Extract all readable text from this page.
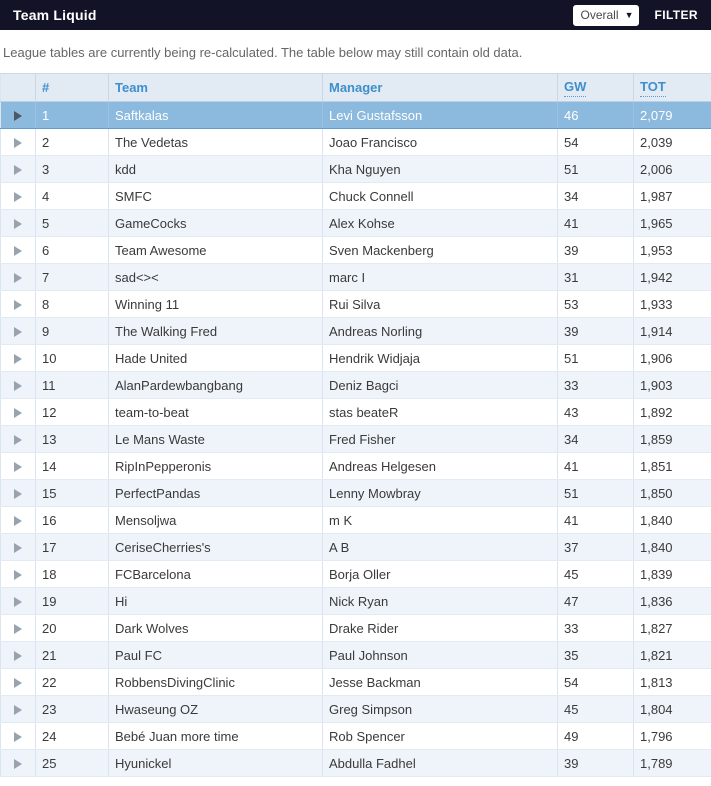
Team Liquid	Overall ▼ FILTER
League tables are currently being re-calculated. The table below may still contain old data.
	#	Team	Manager	GW	TOT
	1	Saftkalas	Levi Gustafsson	46	2,079
	2	The Vedetas	Joao Francisco	54	2,039
	3	kdd	Kha Nguyen	51	2,006
	4	SMFC	Chuck Connell	34	1,987
	5	GameCocks	Alex Kohse	41	1,965
	6	Team Awesome	Sven Mackenberg	39	1,953
	7	sad<><	marc I	31	1,942
	8	Winning 11	Rui Silva	53	1,933
	9	The Walking Fred	Andreas Norling	39	1,914
	10	Hade United	Hendrik Widjaja	51	1,906
	11	AlanPardewbangbang	Deniz Bagci	33	1,903
	12	team-to-beat	stas beateR	43	1,892
	13	Le Mans Waste	Fred Fisher	34	1,859
	14	RipInPepperonis	Andreas Helgesen	41	1,851
	15	PerfectPandas	Lenny Mowbray	51	1,850
	16	Mensoljwa	m K	41	1,840
	17	CeriseCherries's	A B	37	1,840
	18	FCBarcelona	Borja Oller	45	1,839
	19	Hi	Nick Ryan	47	1,836
	20	Dark Wolves	Drake Rider	33	1,827
	21	Paul FC	Paul Johnson	35	1,821
	22	RobbensDivingClinic	Jesse Backman	54	1,813
	23	Hwaseung OZ	Greg Simpson	45	1,804
	24	Bebé Juan more time	Rob Spencer	49	1,796
	25	Hyunickel	Abdulla Fadhel	39	1,789
